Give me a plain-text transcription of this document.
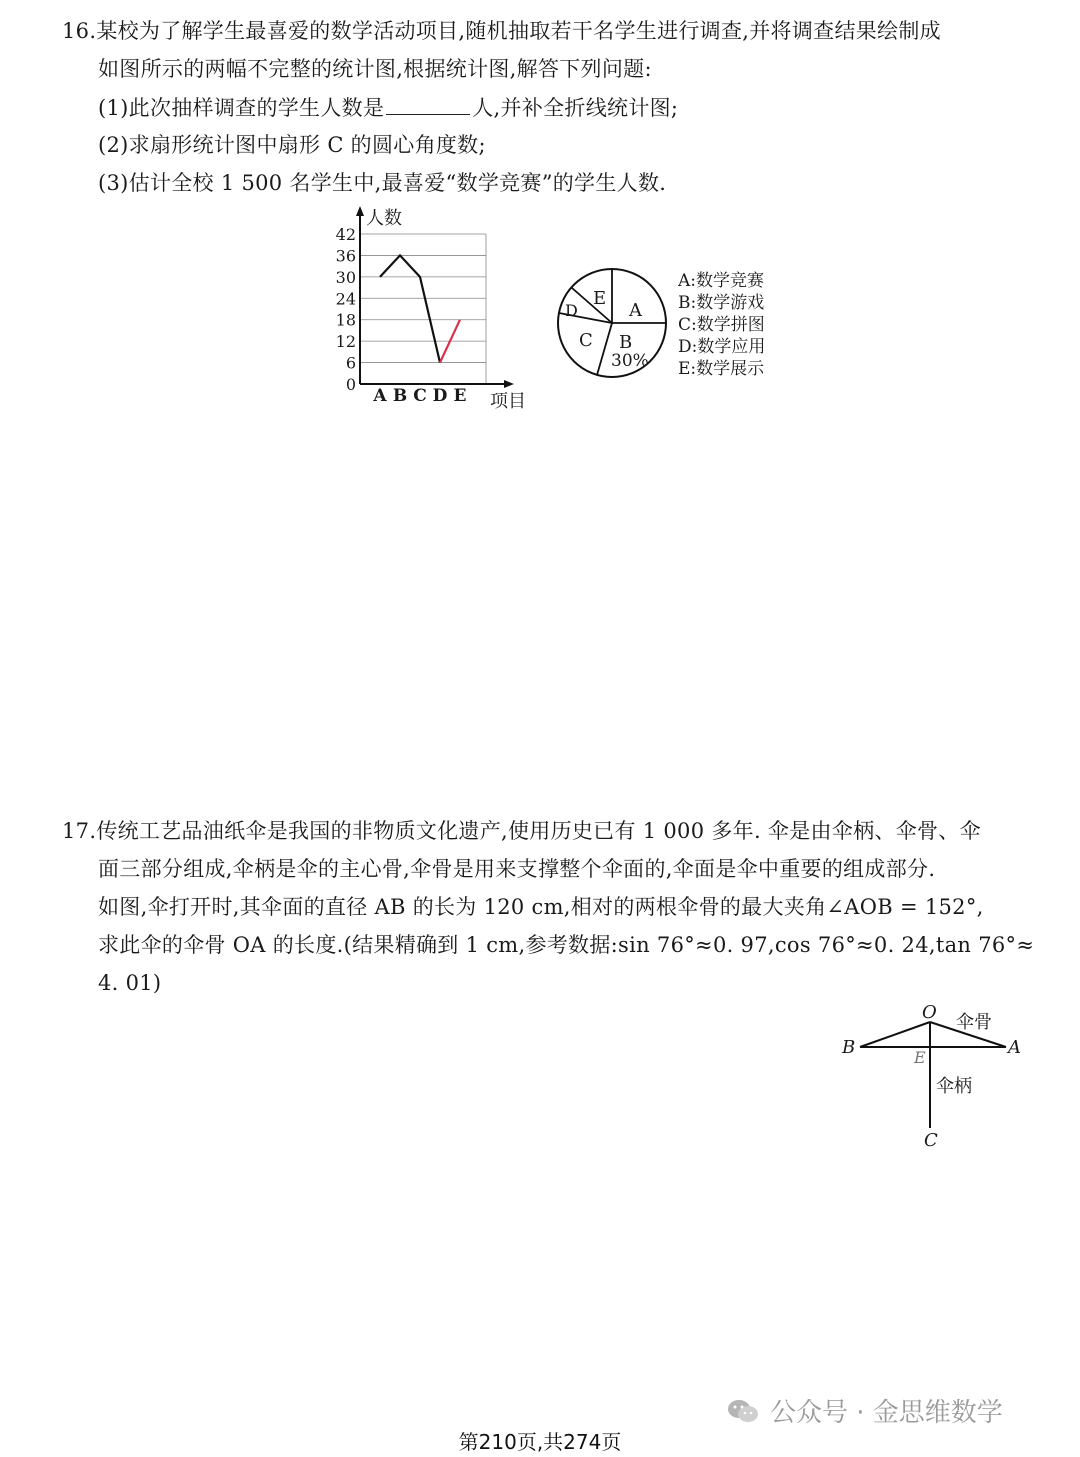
16.某校为了解学生最喜爱的数学活动项目,随机抽取若干名学生进行调查,并将调查结果绘制成
如图所示的两幅不完整的统计图,根据统计图,解答下列问题:
(1)此次抽样调查的学生人数是	人,并补全折线统计图;
(2)求扇形统计图中扇形 C 的圆心角度数;
(3)估计全校 1 500 名学生中,最喜爱“数学竞赛”的学生人数.
人数
项目
0
6
12
18
24
30
36
42
A B C D E
A
B
30%
C
D
E
A:数学竞赛
B:数学游戏
C:数学拼图
D:数学应用
E:数学展示
17.传统工艺品油纸伞是我国的非物质文化遗产,使用历史已有 1 000 多年. 伞是由伞柄、伞骨、伞
面三部分组成,伞柄是伞的主心骨,伞骨是用来支撑整个伞面的,伞面是伞中重要的组成部分.
如图,伞打开时,其伞面的直径 AB 的长为 120 cm,相对的两根伞骨的最大夹角∠AOB = 152°,
求此伞的伞骨 OA 的长度.(结果精确到 1 cm,参考数据:sin 76°≈0. 97,cos 76°≈0. 24,tan 76°≈
4. 01)
O 伞骨
B	A
E
伞柄
C
公众号 · 金思维数学
第210页,共274页
